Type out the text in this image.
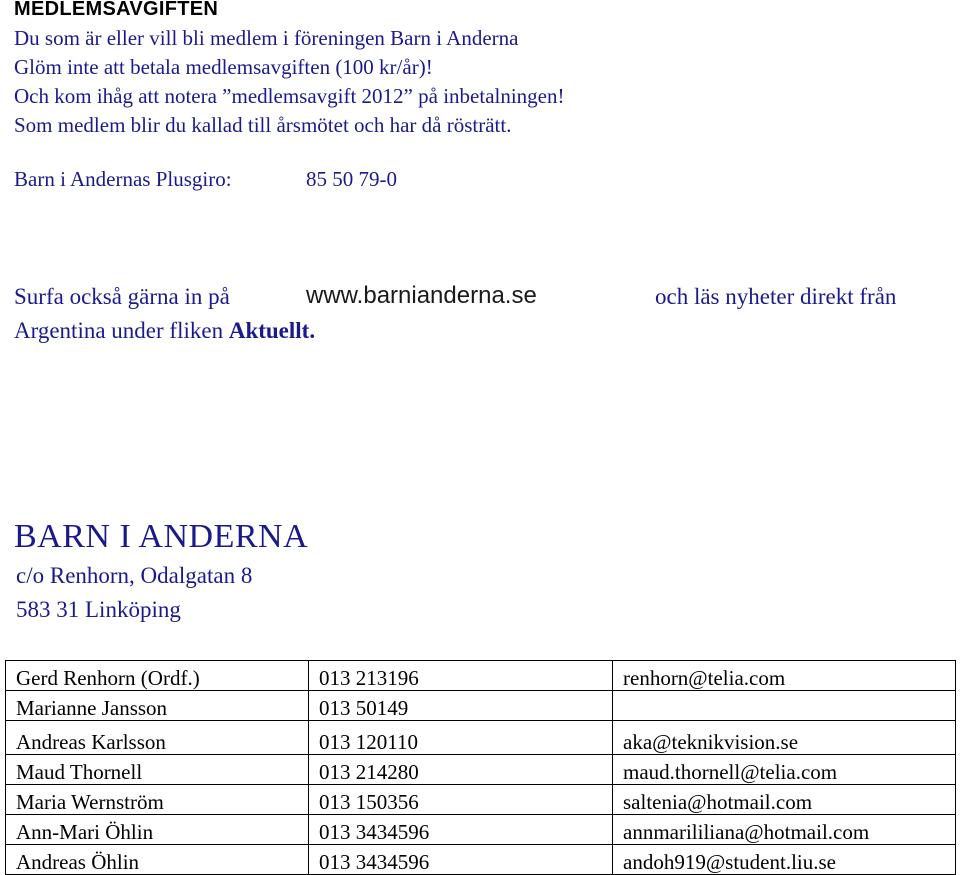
MEDLEMSAVGIFTEN
Du som är eller vill bli medlem i föreningen Barn i Anderna
Glöm inte att betala medlemsavgiften (100 kr/år)!
Och kom ihåg att notera ”medlemsavgift 2012” på inbetalningen!
Som medlem blir du kallad till årsmötet och har då rösträtt.
Barn i Andernas Plusgiro:	85 50 79-0
Surfa också gärna in på	www.barnianderna.se	och läs nyheter direkt från
Argentina under fliken Aktuellt.
BARN I ANDERNA
c/o Renhorn, Odalgatan 8
583 31 Linköping
Gerd Renhorn (Ordf.)	013 213196	renhorn@telia.com
Marianne Jansson	013 50149	
Andreas Karlsson	013 120110	aka@teknikvision.se
Maud Thornell	013 214280	maud.thornell@telia.com
Maria Wernström	013 150356	saltenia@hotmail.com
Ann-Mari Öhlin	013 3434596	annmarililiana@hotmail.com
Andreas Öhlin	013 3434596	andoh919@student.liu.se
